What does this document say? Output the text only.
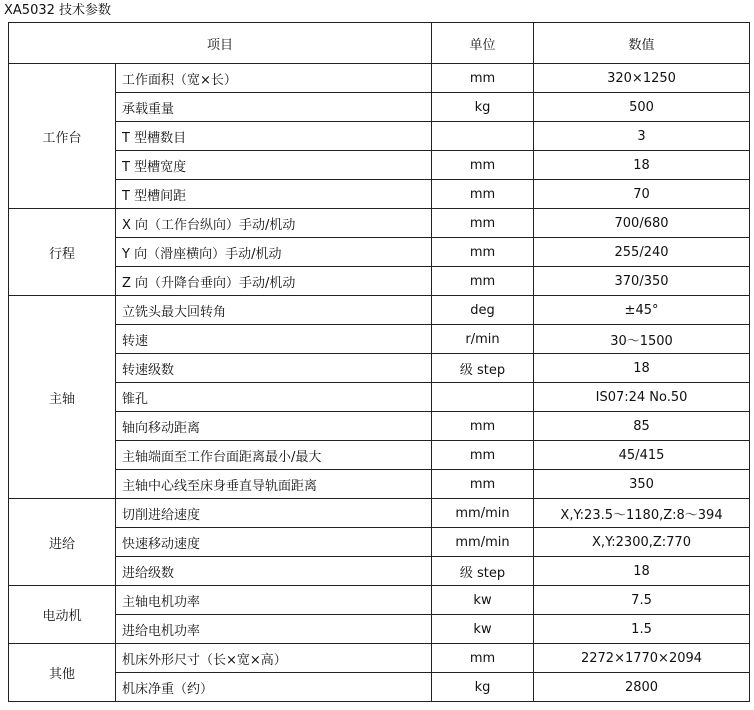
XA5032 技术参数
项目		单位	数值
工作台	工作面积（宽×长）	mm	320×1250
	承载重量	kg	500
	T 型槽数目		3
	T 型槽宽度	mm	18
	T 型槽间距	mm	70
行程	X 向（工作台纵向）手动/机动	mm	700/680
	Y 向（滑座横向）手动/机动	mm	255/240
	Z 向（升降台垂向）手动/机动	mm	370/350
主轴	立铣头最大回转角	deg	±45°
	转速	r/min	30～1500
	转速级数	级 step	18
	锥孔		IS07:24 No.50
	轴向移动距离	mm	85
	主轴端面至工作台面距离最小/最大	mm	45/415
	主轴中心线至床身垂直导轨面距离	mm	350
进给	切削进给速度	mm/min	X,Y:23.5～1180,Z:8～394
	快速移动速度	mm/min	X,Y:2300,Z:770
	进给级数	级 step	18
电动机	主轴电机功率	kw	7.5
	进给电机功率	kw	1.5
其他	机床外形尺寸（长×宽×高）	mm	2272×1770×2094
	机床净重（约）	kg	2800
